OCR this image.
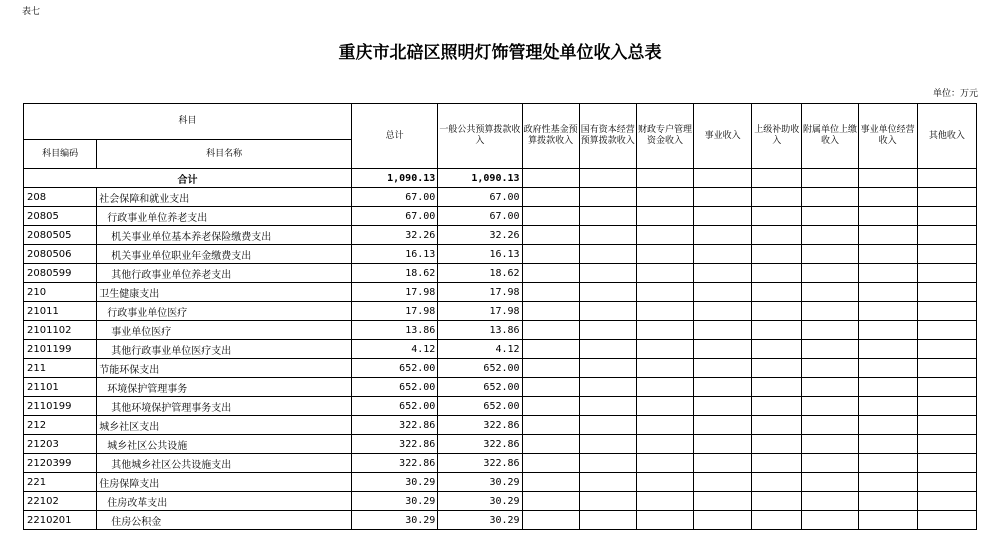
表七
重庆市北碚区照明灯饰管理处单位收入总表
单位：万元
科目		总计	一般公共预算拨款收入	政府性基金预算拨款收入	国有资本经营预算拨款收入	财政专户管理资金收入	事业收入	上级补助收入	附属单位上缴收入	事业单位经营收入	其他收入
科目编码	科目名称										
合计		1,090.13	1,090.13								
208	社会保障和就业支出	67.00	67.00								
20805	行政事业单位养老支出	67.00	67.00								
2080505	机关事业单位基本养老保险缴费支出	32.26	32.26								
2080506	机关事业单位职业年金缴费支出	16.13	16.13								
2080599	其他行政事业单位养老支出	18.62	18.62								
210	卫生健康支出	17.98	17.98								
21011	行政事业单位医疗	17.98	17.98								
2101102	事业单位医疗	13.86	13.86								
2101199	其他行政事业单位医疗支出	4.12	4.12								
211	节能环保支出	652.00	652.00								
21101	环境保护管理事务	652.00	652.00								
2110199	其他环境保护管理事务支出	652.00	652.00								
212	城乡社区支出	322.86	322.86								
21203	城乡社区公共设施	322.86	322.86								
2120399	其他城乡社区公共设施支出	322.86	322.86								
221	住房保障支出	30.29	30.29								
22102	住房改革支出	30.29	30.29								
2210201	住房公积金	30.29	30.29								
